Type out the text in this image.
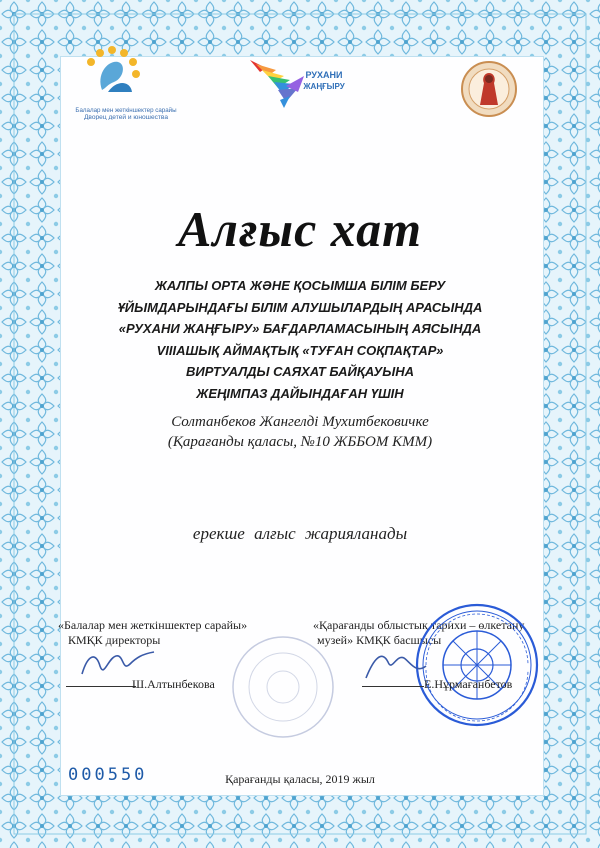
Балалар мен жеткіншектер сарайы
Дворец детей и юношества
РУХАНИ
ЖАҢҒЫРУ
Алғыс хат
ЖАЛПЫ ОРТА ЖӘНЕ ҚОСЫМША БІЛІМ БЕРУ
ҰЙЫМДАРЫНДАҒЫ БІЛІМ АЛУШЫЛАРДЫҢ АРАСЫНДА
«РУХАНИ ЖАҢҒЫРУ» БАҒДАРЛАМАСЫНЫҢ АЯСЫНДА
VIIIАШЫҚ АЙМАҚТЫҚ «ТУҒАН СОҚПАҚТАР»
ВИРТУАЛДЫ САЯХАТ БАЙҚАУЫНА
ЖЕҢІМПАЗ ДАЙЫНДАҒАН ҮШІН
Солтанбеков Жангелді Мухитбековичке
(Қарағанды қаласы, №10 ЖББОМ КММ)
ерекше алғыс жарияланады
«Балалар мен жеткіншектер сарайы»
КМҚК директоры
Ш.Алтынбекова
«Қарағанды облыстық тарихи – өлкетану
музей» КМҚК басшысы
Е.Нұрмағанбетов
000550	Қарағанды қаласы, 2019 жыл
